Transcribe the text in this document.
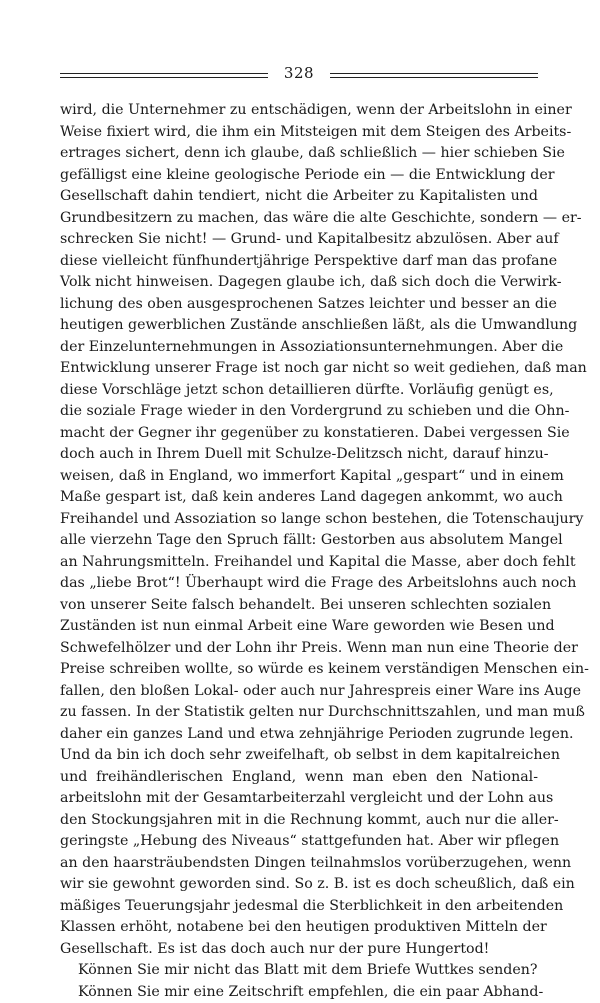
328
wird, die Unternehmer zu entschädigen, wenn der Arbeitslohn in einer
Weise fixiert wird, die ihm ein Mitsteigen mit dem Steigen des Arbeits-
ertrages sichert, denn ich glaube, daß schließlich — hier schieben Sie
gefälligst eine kleine geologische Periode ein — die Entwicklung der
Gesellschaft dahin tendiert, nicht die Arbeiter zu Kapitalisten und
Grundbesitzern zu machen, das wäre die alte Geschichte, sondern — er-
schrecken Sie nicht! — Grund- und Kapitalbesitz abzulösen. Aber auf
diese vielleicht fünfhundertjährige Perspektive darf man das profane
Volk nicht hinweisen. Dagegen glaube ich, daß sich doch die Verwirk-
lichung des oben ausgesprochenen Satzes leichter und besser an die
heutigen gewerblichen Zustände anschließen läßt, als die Umwandlung
der Einzelunternehmungen in Assoziationsunternehmungen. Aber die
Entwicklung unserer Frage ist noch gar nicht so weit gediehen, daß man
diese Vorschläge jetzt schon detaillieren dürfte. Vorläufig genügt es,
die soziale Frage wieder in den Vordergrund zu schieben und die Ohn-
macht der Gegner ihr gegenüber zu konstatieren. Dabei vergessen Sie
doch auch in Ihrem Duell mit Schulze-Delitzsch nicht, darauf hinzu-
weisen, daß in England, wo immerfort Kapital „gespart“ und in einem
Maße gespart ist, daß kein anderes Land dagegen ankommt, wo auch
Freihandel und Assoziation so lange schon bestehen, die Totenschaujury
alle vierzehn Tage den Spruch fällt: Gestorben aus absolutem Mangel
an Nahrungsmitteln. Freihandel und Kapital die Masse, aber doch fehlt
das „liebe Brot“! Überhaupt wird die Frage des Arbeitslohns auch noch
von unserer Seite falsch behandelt. Bei unseren schlechten sozialen
Zuständen ist nun einmal Arbeit eine Ware geworden wie Besen und
Schwefelhölzer und der Lohn ihr Preis. Wenn man nun eine Theorie der
Preise schreiben wollte, so würde es keinem verständigen Menschen ein-
fallen, den bloßen Lokal- oder auch nur Jahrespreis einer Ware ins Auge
zu fassen. In der Statistik gelten nur Durchschnittszahlen, und man muß
daher ein ganzes Land und etwa zehnjährige Perioden zugrunde legen.
Und da bin ich doch sehr zweifelhaft, ob selbst in dem kapitalreichen
und freihändlerischen England, wenn man eben den National-
arbeitslohn mit der Gesamtarbeiterzahl vergleicht und der Lohn aus
den Stockungsjahren mit in die Rechnung kommt, auch nur die aller-
geringste „Hebung des Niveaus“ stattgefunden hat. Aber wir pflegen
an den haarsträubendsten Dingen teilnahmslos vorüberzugehen, wenn
wir sie gewohnt geworden sind. So z. B. ist es doch scheußlich, daß ein
mäßiges Teuerungsjahr jedesmal die Sterblichkeit in den arbeitenden
Klassen erhöht, notabene bei den heutigen produktiven Mitteln der
Gesellschaft. Es ist das doch auch nur der pure Hungertod!
Können Sie mir nicht das Blatt mit dem Briefe Wuttkes senden?
Können Sie mir eine Zeitschrift empfehlen, die ein paar Abhand-
